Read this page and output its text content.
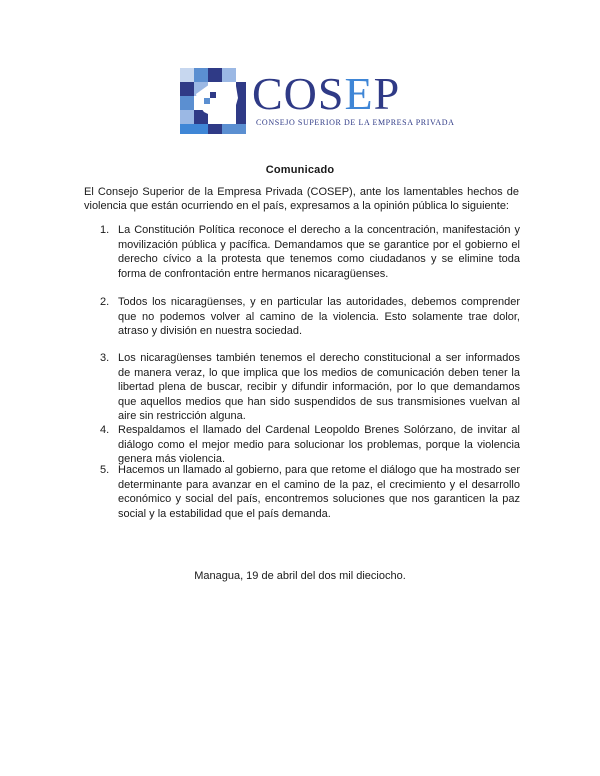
COSEP
CONSEJO SUPERIOR DE LA EMPRESA PRIVADA
Comunicado
El Consejo Superior de la Empresa Privada (COSEP), ante los lamentables hechos de violencia que están ocurriendo en el país, expresamos a la opinión pública lo siguiente:
1. La Constitución Política reconoce el derecho a la concentración, manifestación y movilización pública y pacífica. Demandamos que se garantice por el gobierno el derecho cívico a la protesta que tenemos como ciudadanos y se elimine toda forma de confrontación entre hermanos nicaragüenses.
2. Todos los nicaragüenses, y en particular las autoridades, debemos comprender que no podemos volver al camino de la violencia. Esto solamente trae dolor, atraso y división en nuestra sociedad.
3. Los nicaragüenses también tenemos el derecho constitucional a ser informados de manera veraz, lo que implica que los medios de comunicación deben tener la libertad plena de buscar, recibir y difundir información, por lo que demandamos que aquellos medios que han sido suspendidos de sus transmisiones vuelvan al aire sin restricción alguna.
4. Respaldamos el llamado del Cardenal Leopoldo Brenes Solórzano, de invitar al diálogo como el mejor medio para solucionar los problemas, porque la violencia genera más violencia.
5. Hacemos un llamado al gobierno, para que retome el diálogo que ha mostrado ser determinante para avanzar en el camino de la paz, el crecimiento y el desarrollo económico y social del país, encontremos soluciones que nos garanticen la paz social y la estabilidad que el país demanda.
Managua, 19 de abril del dos mil dieciocho.
